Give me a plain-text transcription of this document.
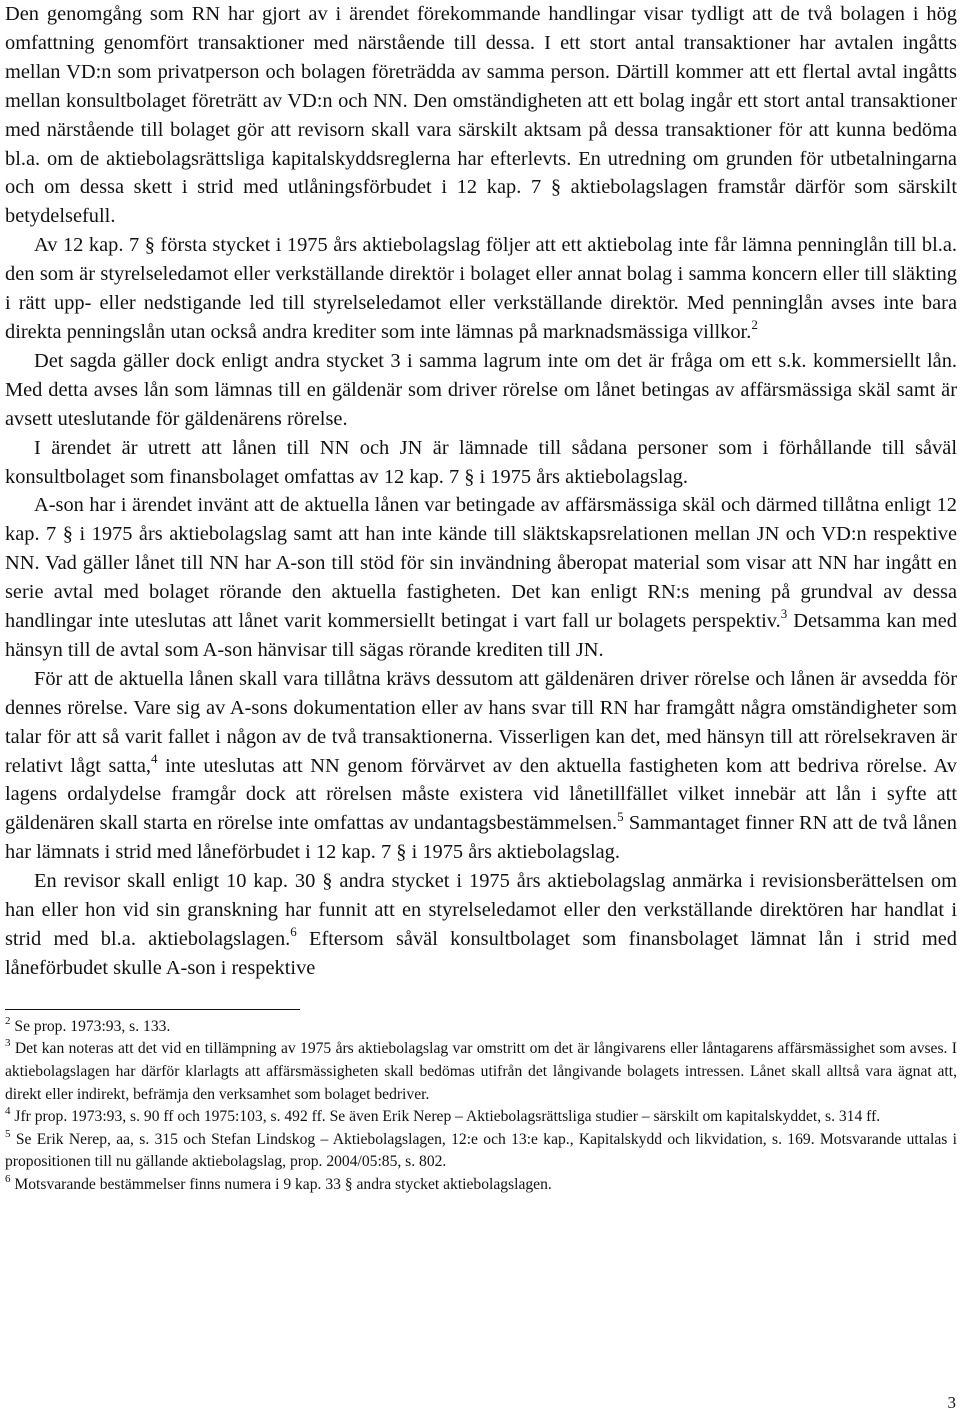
Den genomgång som RN har gjort av i ärendet förekommande handlingar visar tydligt att de två bolagen i hög omfattning genomfört transaktioner med närstående till dessa. I ett stort antal transaktioner har avtalen ingåtts mellan VD:n som privatperson och bolagen företrädda av samma person. Därtill kommer att ett flertal avtal ingåtts mellan konsultbolaget företrätt av VD:n och NN. Den omständigheten att ett bolag ingår ett stort antal transaktioner med närstående till bolaget gör att revisorn skall vara särskilt aktsam på dessa transaktioner för att kunna bedöma bl.a. om de aktiebolagsrättsliga kapitalskyddsreglerna har efterlevts. En utredning om grunden för utbetalningarna och om dessa skett i strid med utlåningsförbudet i 12 kap. 7 § aktiebolagslagen framstår därför som särskilt betydelsefull.

Av 12 kap. 7 § första stycket i 1975 års aktiebolagslag följer att ett aktiebolag inte får lämna penninglån till bl.a. den som är styrelseledamot eller verkställande direktör i bolaget eller annat bolag i samma koncern eller till släkting i rätt upp- eller nedstigande led till styrelseledamot eller verkställande direktör. Med penninglån avses inte bara direkta penningslån utan också andra krediter som inte lämnas på marknadsmässiga villkor.$^2$

Det sagda gäller dock enligt andra stycket 3 i samma lagrum inte om det är fråga om ett s.k. kommersiellt lån. Med detta avses lån som lämnas till en gäldenär som driver rörelse om lånet betingas av affärsmässiga skäl samt är avsett uteslutande för gäldenärens rörelse.

I ärendet är utrett att lånen till NN och JN är lämnade till sådana personer som i förhållande till såväl konsultbolaget som finansbolaget omfattas av 12 kap. 7 § i 1975 års aktiebolagslag.

A-son har i ärendet invänt att de aktuella lånen var betingade av affärsmässiga skäl och därmed tillåtna enligt 12 kap. 7 § i 1975 års aktiebolagslag samt att han inte kände till släktskapsrelationen mellan JN och VD:n respektive NN. Vad gäller lånet till NN har A-son till stöd för sin invändning åberopat material som visar att NN har ingått en serie avtal med bolaget rörande den aktuella fastigheten. Det kan enligt RN:s mening på grundval av dessa handlingar inte uteslutas att lånet varit kommersiellt betingat i vart fall ur bolagets perspektiv.$^3$ Detsamma kan med hänsyn till de avtal som A-son hänvisar till sägas rörande krediten till JN.

För att de aktuella lånen skall vara tillåtna krävs dessutom att gäldenären driver rörelse och lånen är avsedda för dennes rörelse. Vare sig av A-sons dokumentation eller av hans svar till RN har framgått några omständigheter som talar för att så varit fallet i någon av de två transaktionerna. Visserligen kan det, med hänsyn till att rörelsekraven är relativt lågt satta,$^4$ inte uteslutas att NN genom förvärvet av den aktuella fastigheten kom att bedriva rörelse. Av lagens ordalydelse framgår dock att rörelsen måste existera vid lånetillfället vilket innebär att lån i syfte att gäldenären skall starta en rörelse inte omfattas av undantagsbestämmelsen.$^5$ Sammantaget finner RN att de två lånen har lämnats i strid med låneförbudet i 12 kap. 7 § i 1975 års aktiebolagslag.

En revisor skall enligt 10 kap. 30 § andra stycket i 1975 års aktiebolagslag anmärka i revisionsberättelsen om han eller hon vid sin granskning har funnit att en styrelseledamot eller den verkställande direktören har handlat i strid med bl.a. aktiebolagslagen.$^6$ Eftersom såväl konsultbolaget som finansbolaget lämnat lån i strid med låneförbudet skulle A-son i respektive

$^2$ Se prop. 1973:93, s. 133.

$^3$ Det kan noteras att det vid en tillämpning av 1975 års aktiebolagslag var omstritt om det är långivarens eller låntagarens affärsmässighet som avses. I aktiebolagslagen har därför klarlagts att affärsmässigheten skall bedömas utifrån det långivande bolagets intressen. Lånet skall alltså vara ägnat att, direkt eller indirekt, befrämja den verksamhet som bolaget bedriver.

$^4$ Jfr prop. 1973:93, s. 90 ff och 1975:103, s. 492 ff. Se även Erik Nerep – Aktiebolagsrättsliga studier – särskilt om kapitalskyddet, s. 314 ff.

$^5$ Se Erik Nerep, aa, s. 315 och Stefan Lindskog – Aktiebolagslagen, 12:e och 13:e kap., Kapitalskydd och likvidation, s. 169. Motsvarande uttalas i propositionen till nu gällande aktiebolagslag, prop. 2004/05:85, s. 802.

$^6$ Motsvarande bestämmelser finns numera i 9 kap. 33 § andra stycket aktiebolagslagen.

3
